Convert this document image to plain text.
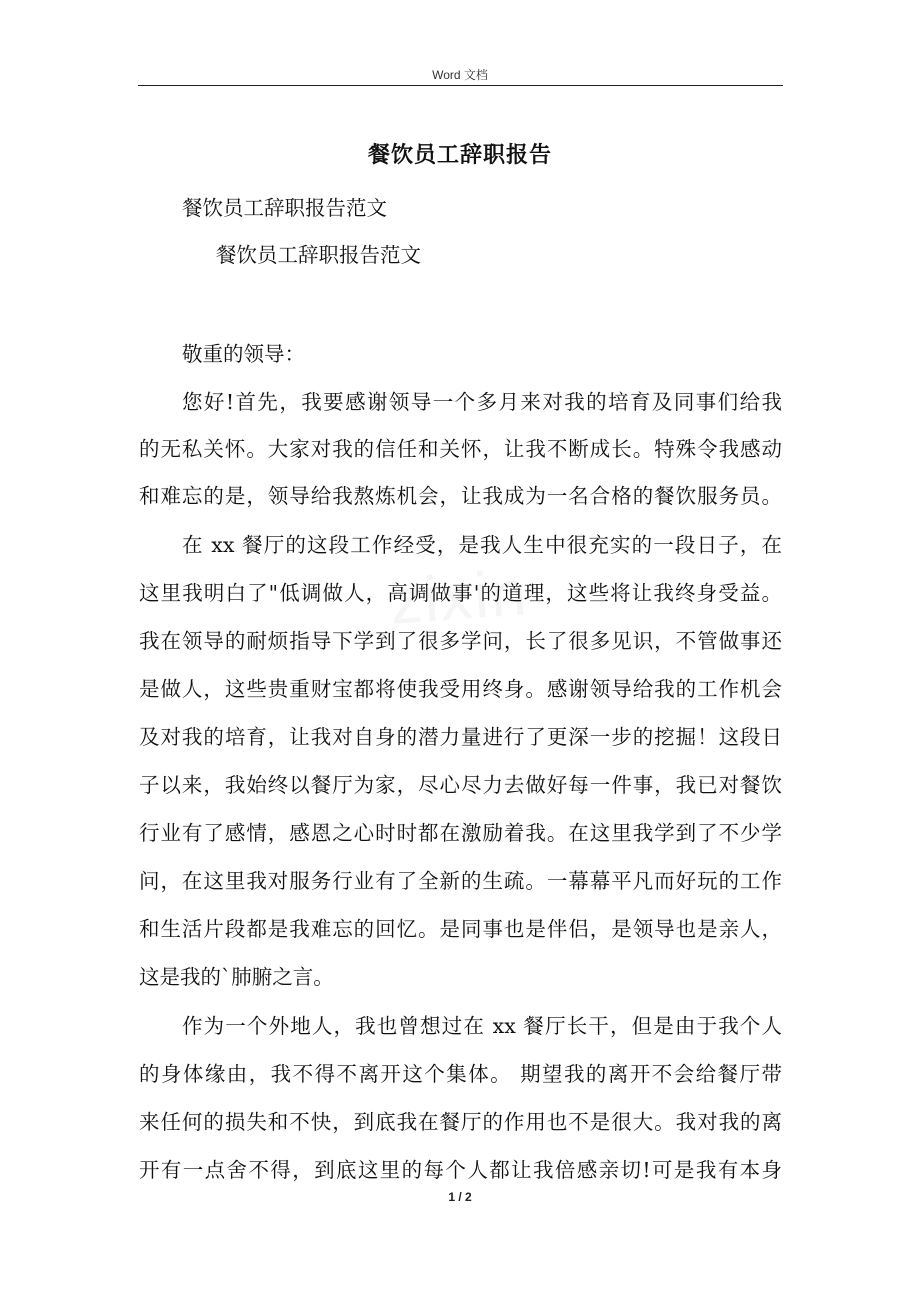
Word 文档
zixin
餐饮员工辞职报告
餐饮员工辞职报告范文
餐饮员工辞职报告范文
敬重的领导：
您好!首先，我要感谢领导一个多月来对我的培育及同事们给我
的无私关怀。大家对我的信任和关怀，让我不断成长。特殊令我感动
和难忘的是，领导给我熬炼机会，让我成为一名合格的餐饮服务员。
在 xx 餐厅的这段工作经受，是我人生中很充实的一段日子，在
这里我明白了"低调做人，高调做事'的道理，这些将让我终身受益。
我在领导的耐烦指导下学到了很多学问，长了很多见识，不管做事还
是做人，这些贵重财宝都将使我受用终身。感谢领导给我的工作机会
及对我的培育，让我对自身的潜力量进行了更深一步的挖掘！这段日
子以来，我始终以餐厅为家，尽心尽力去做好每一件事，我已对餐饮
行业有了感情，感恩之心时时都在激励着我。在这里我学到了不少学
问，在这里我对服务行业有了全新的生疏。一幕幕平凡而好玩的工作
和生活片段都是我难忘的回忆。是同事也是伴侣，是领导也是亲人，
这是我的`肺腑之言。
作为一个外地人，我也曾想过在 xx 餐厅长干，但是由于我个人
的身体缘由，我不得不离开这个集体。 期望我的离开不会给餐厅带
来任何的损失和不快，到底我在餐厅的作用也不是很大。我对我的离
开有一点舍不得，到底这里的每个人都让我倍感亲切!可是我有本身
1 / 2
